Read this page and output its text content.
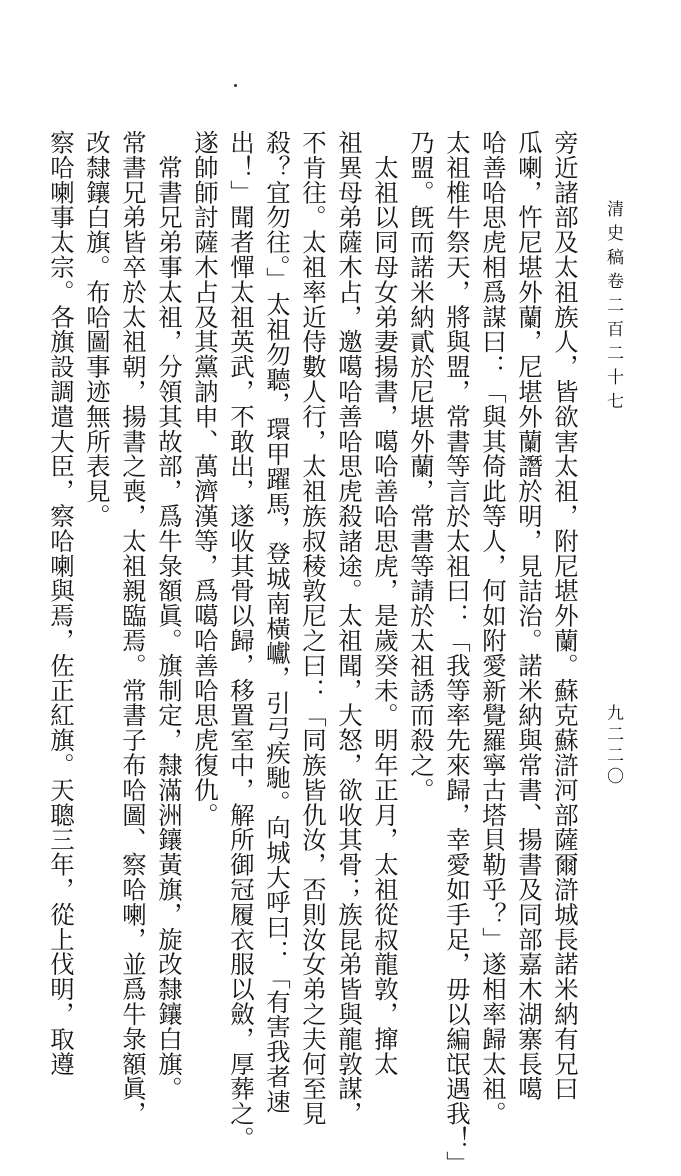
清史稿卷二百二十七
旁近諸部及太祖族人，皆欲害太祖，附尼堪外蘭。蘇克蘇滸河部薩爾滸城長諾米納有兄曰
瓜喇，忤尼堪外蘭，尼堪外蘭譖於明，見詰治。諾米納與常書、揚書及同部嘉木湖寨長噶
哈善哈思虎相爲謀曰：「與其倚此等人，何如附愛新覺羅寧古塔貝勒乎？」遂相率歸太祖。
太祖椎牛祭天，將與盟，常書等言於太祖曰：「我等率先來歸，幸愛如手足，毋以編氓遇我！」
乃盟。旣而諾米納貳於尼堪外蘭，常書等請於太祖誘而殺之。
　太祖以同母女弟妻揚書，噶哈善哈思虎，是歲癸未。明年正月，太祖從叔龍敦，撺太
祖異母弟薩木占，邀噶哈善哈思虎殺諸途。太祖聞，大怒，欲收其骨；族昆弟皆與龍敦謀，
不肯往。太祖率近侍數人行，太祖族叔稜敦尼之曰：「同族皆仇汝，否則汝女弟之夫何至見
殺？宜勿往。」太祖勿聽，環甲躍馬，登城南橫巘，引弓疾馳。向城大呼曰：「有害我者速
出！」聞者憚太祖英武，不敢出，遂收其骨以歸，移置室中，解所御冠履衣服以斂，厚葬之。
遂帥師討薩木占及其黨訥申、萬濟漢等，爲噶哈善哈思虎復仇。
　常書兄弟事太祖，分領其故部，爲牛彔額眞。旗制定，隸滿洲鑲黃旗，旋改隸鑲白旗。
常書兄弟皆卒於太祖朝，揚書之喪，太祖親臨焉。常書子布哈圖、察哈喇，並爲牛彔額眞，
改隸鑲白旗。布哈圖事迹無所表見。
察哈喇事太宗。各旗設調遣大臣，察哈喇與焉，佐正紅旗。天聰三年，從上伐明，取遵	九二二〇
